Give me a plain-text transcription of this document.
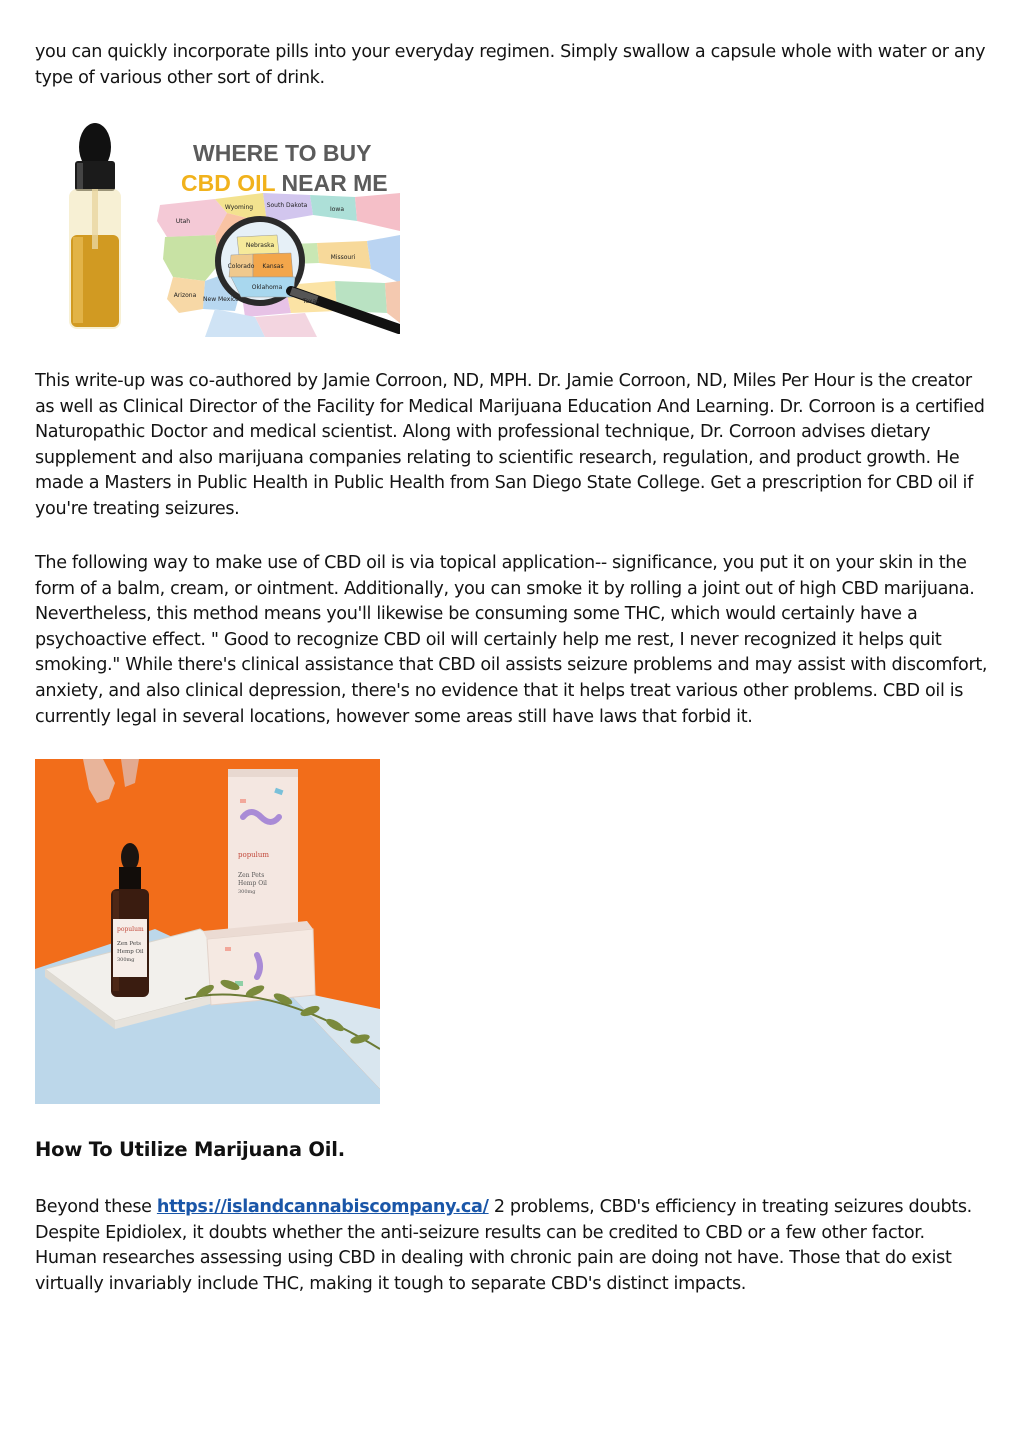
you can quickly incorporate pills into your everyday regimen. Simply swallow a capsule whole with water or any type of various other sort of drink.

WHERE TO BUY
CBD OIL NEAR ME
Nebraska
Colorado Kansas
Oklahoma
Iowa
Missouri
Utah
Arizona
New Mexico
Wyoming South Dakota
Texas

This write-up was co-authored by Jamie Corroon, ND, MPH. Dr. Jamie Corroon, ND, Miles Per Hour is the creator as well as Clinical Director of the Facility for Medical Marijuana Education And Learning. Dr. Corroon is a certified Naturopathic Doctor and medical scientist. Along with professional technique, Dr. Corroon advises dietary supplement and also marijuana companies relating to scientific research, regulation, and product growth. He made a Masters in Public Health in Public Health from San Diego State College. Get a prescription for CBD oil if you're treating seizures.

The following way to make use of CBD oil is via topical application-- significance, you put it on your skin in the form of a balm, cream, or ointment. Additionally, you can smoke it by rolling a joint out of high CBD marijuana. Nevertheless, this method means you'll likewise be consuming some THC, which would certainly have a psychoactive effect. " Good to recognize CBD oil will certainly help me rest, I never recognized it helps quit smoking." While there's clinical assistance that CBD oil assists seizure problems and may assist with discomfort, anxiety, and also clinical depression, there's no evidence that it helps treat various other problems. CBD oil is currently legal in several locations, however some areas still have laws that forbid it.

populum
Zen Pets
Hemp Oil
300mg
populum
Zen Pets
Hemp Oil
300mg
How To Utilize Marijuana Oil.

Beyond these https://islandcannabiscompany.ca/ 2 problems, CBD's efficiency in treating seizures doubts. Despite Epidiolex, it doubts whether the anti-seizure results can be credited to CBD or a few other factor. Human researches assessing using CBD in dealing with chronic pain are doing not have. Those that do exist virtually invariably include THC, making it tough to separate CBD's distinct impacts.
